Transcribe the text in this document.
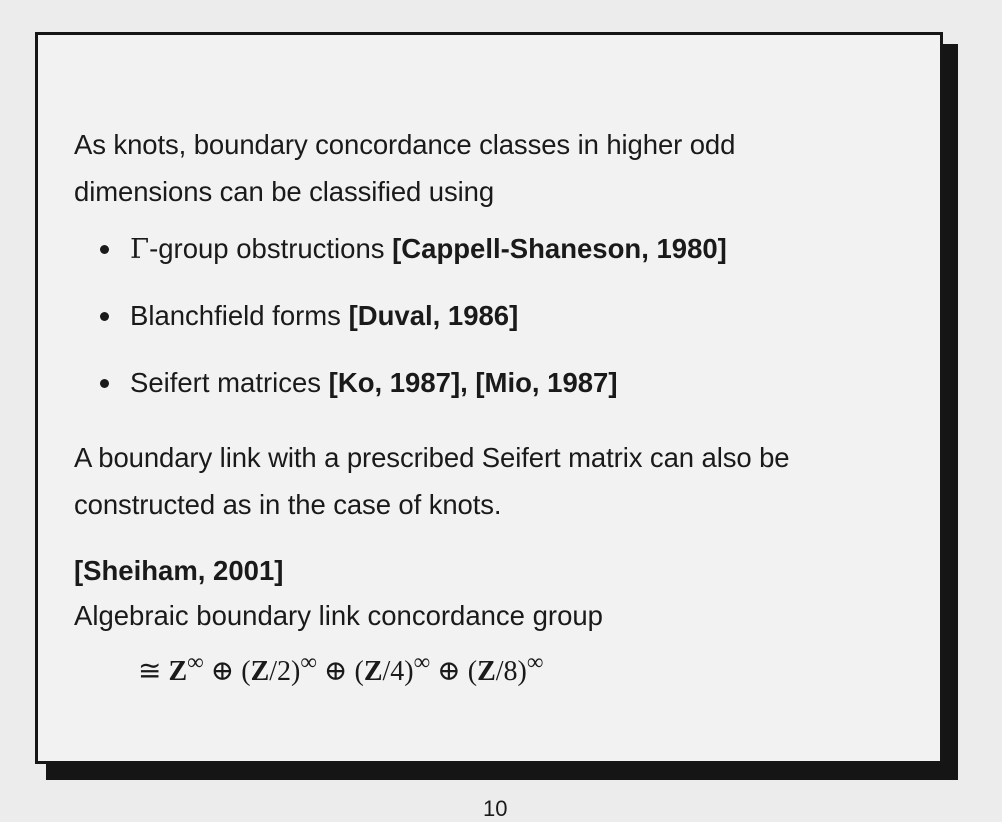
As knots, boundary concordance classes in higher odd dimensions can be classified using

Γ-group obstructions [Cappell-Shaneson, 1980]
Blanchfield forms [Duval, 1986]
Seifert matrices [Ko, 1987], [Mio, 1987]

A boundary link with a prescribed Seifert matrix can also be constructed as in the case of knots.

[Sheiham, 2001]

Algebraic boundary link concordance group

≅ Z∞ ⊕ (Z/2)∞ ⊕ (Z/4)∞ ⊕ (Z/8)∞

10
